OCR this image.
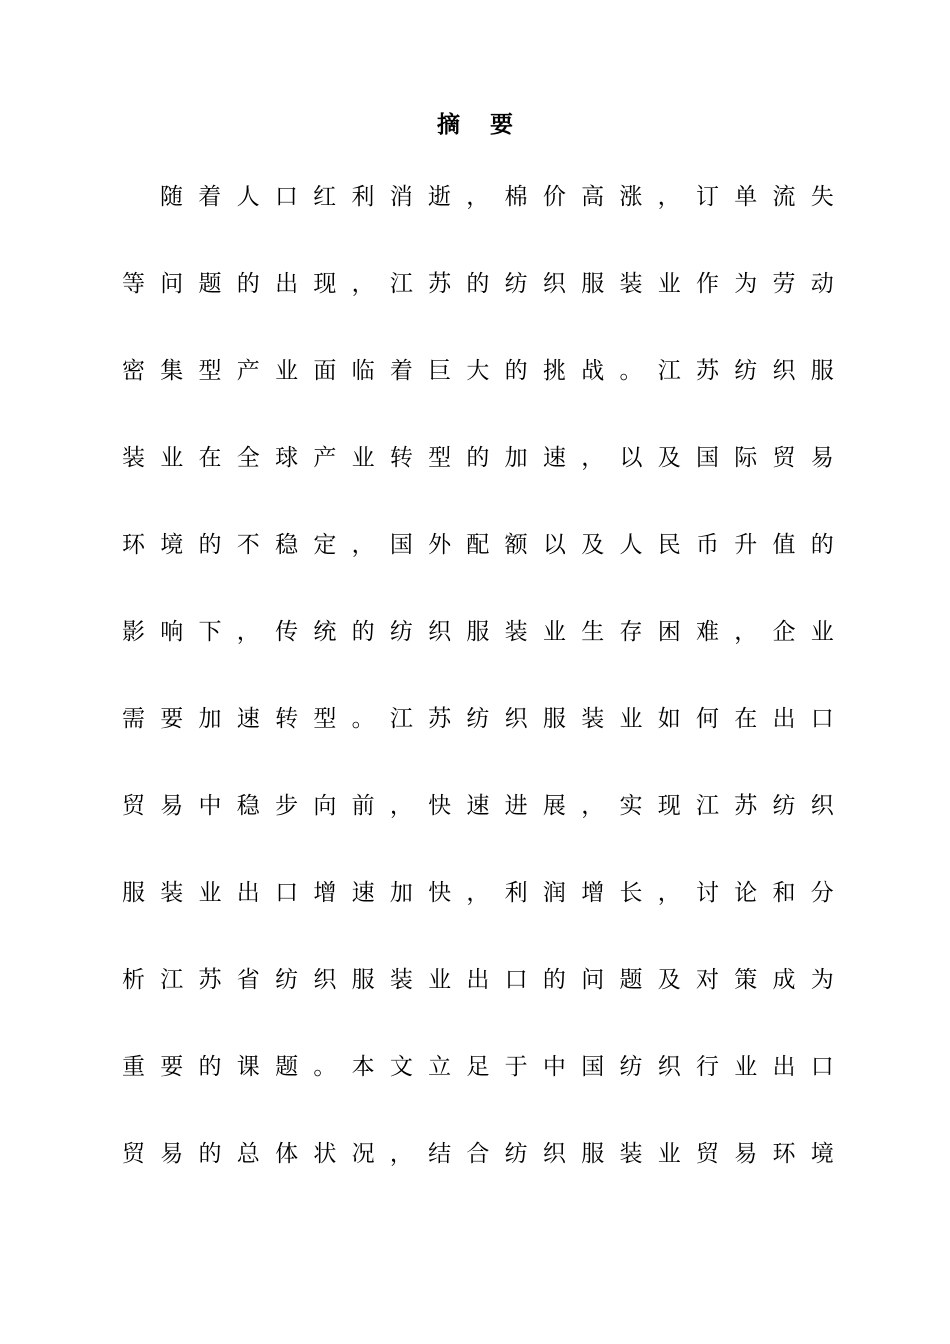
摘要
随 着 人 口 红 利 消 逝 ， 棉 价 高 涨 ， 订 单 流 失
等 问 题 的 出 现 ， 江 苏 的 纺 织 服 装 业 作 为 劳 动
密 集 型 产 业 面 临 着 巨 大 的 挑 战 。 江 苏 纺 织 服
装 业 在 全 球 产 业 转 型 的 加 速 ， 以 及 国 际 贸 易
环 境 的 不 稳 定 ， 国 外 配 额 以 及 人 民 币 升 值 的
影 响 下 ， 传 统 的 纺 织 服 装 业 生 存 困 难 ， 企 业
需 要 加 速 转 型 。 江 苏 纺 织 服 装 业 如 何 在 出 口
贸 易 中 稳 步 向 前 ， 快 速 进 展 ， 实 现 江 苏 纺 织
服 装 业 出 口 增 速 加 快 ， 利 润 增 长 ， 讨 论 和 分
析 江 苏 省 纺 织 服 装 业 出 口 的 问 题 及 对 策 成 为
重 要 的 课 题 。 本 文 立 足 于 中 国 纺 织 行 业 出 口
贸 易 的 总 体 状 况 ， 结 合 纺 织 服 装 业 贸 易 环 境
